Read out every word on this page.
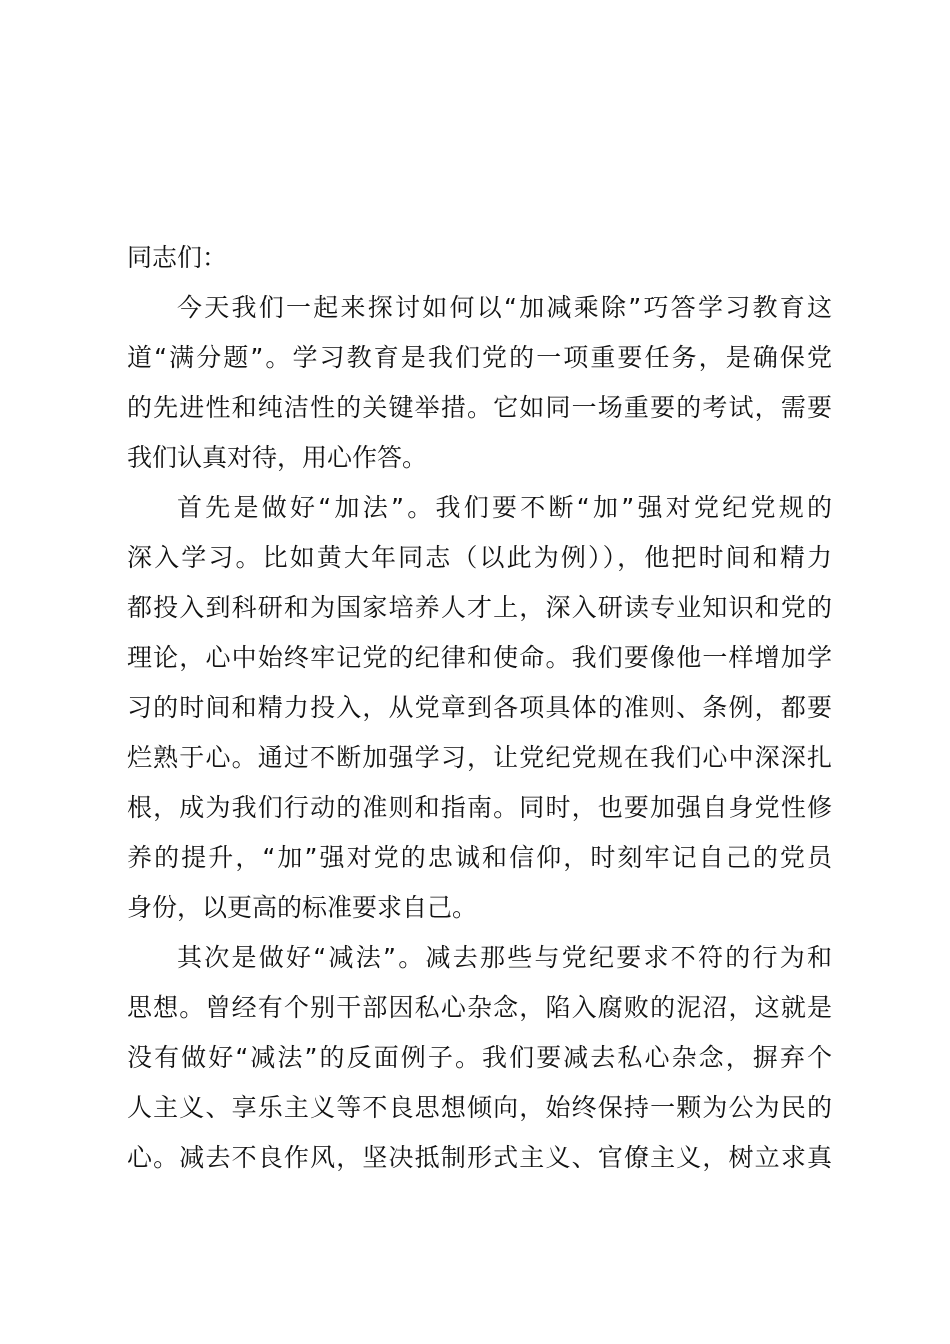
同志们：
今天我们一起来探讨如何以“加减乘除”巧答学习教育这
道“满分题”。学习教育是我们党的一项重要任务，是确保党
的先进性和纯洁性的关键举措。它如同一场重要的考试，需要
我们认真对待，用心作答。
首先是做好“加法”。我们要不断“加”强对党纪党规的
深入学习。比如黄大年同志（以此为例）），他把时间和精力
都投入到科研和为国家培养人才上，深入研读专业知识和党的
理论，心中始终牢记党的纪律和使命。我们要像他一样增加学
习的时间和精力投入，从党章到各项具体的准则、条例，都要
烂熟于心。通过不断加强学习，让党纪党规在我们心中深深扎
根，成为我们行动的准则和指南。同时，也要加强自身党性修
养的提升，“加”强对党的忠诚和信仰，时刻牢记自己的党员
身份，以更高的标准要求自己。
其次是做好“减法”。减去那些与党纪要求不符的行为和
思想。曾经有个别干部因私心杂念，陷入腐败的泥沼，这就是
没有做好“减法”的反面例子。我们要减去私心杂念，摒弃个
人主义、享乐主义等不良思想倾向，始终保持一颗为公为民的
心。减去不良作风，坚决抵制形式主义、官僚主义，树立求真
